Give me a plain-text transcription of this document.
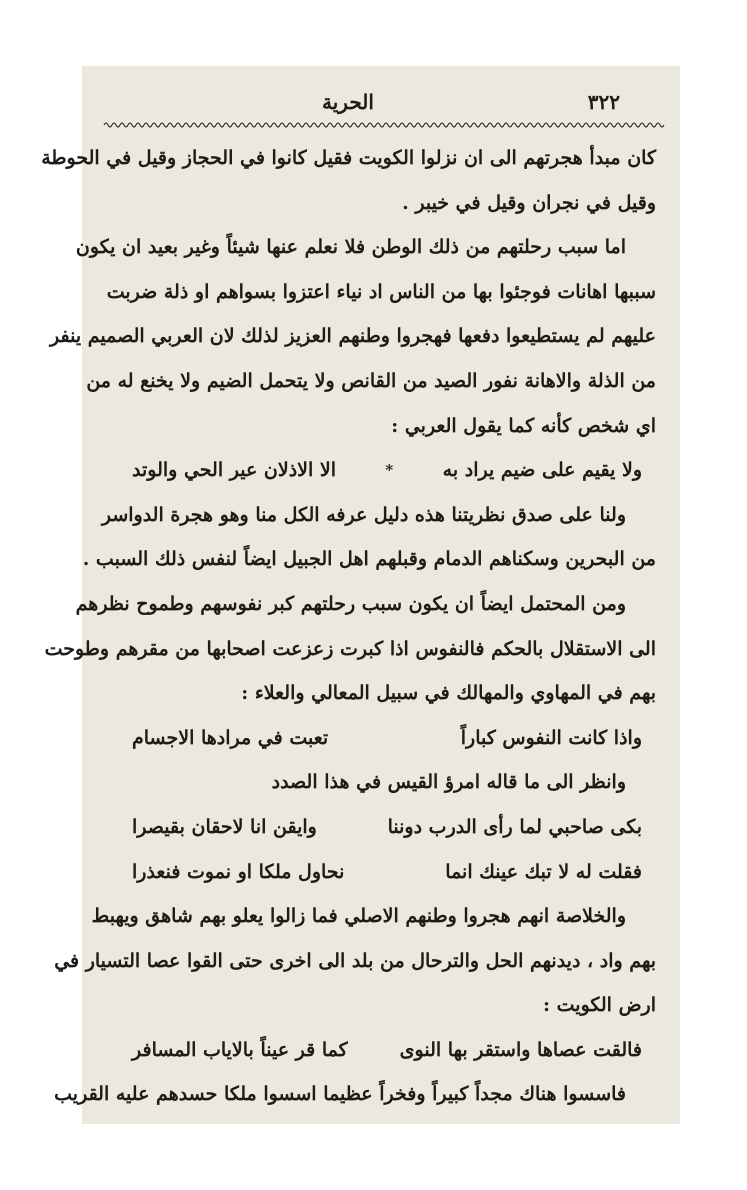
الحرية	٣٢٢
كان مبدأ هجرتهم الى ان نزلوا الكويت فقيل كانوا في الحجاز وقيل في الحوطة
وقيل في نجران وقيل في خيبر .
اما سبب رحلتهم من ذلك الوطن فلا نعلم عنها شيئاً وغير بعيد ان يكون
سببها اهانات فوجئوا بها من الناس اد نياء اعتزوا بسواهم او ذلة ضربت
عليهم لم يستطيعوا دفعها فهجروا وطنهم العزيز لذلك لان العربي الصميم ينفر
من الذلة والاهانة نفور الصيد من القانص ولا يتحمل الضيم ولا يخنع له من
اي شخص كأنه كما يقول العربي :
ولا يقيم على ضيم يراد به
*
الا الاذلان عير الحي والوتد
ولنا على صدق نظريتنا هذه دليل عرفه الكل منا وهو هجرة الدواسر
من البحرين وسكناهم الدمام وقبلهم اهل الجبيل ايضاً لنفس ذلك السبب .
ومن المحتمل ايضاً ان يكون سبب رحلتهم كبر نفوسهم وطموح نظرهم
الى الاستقلال بالحكم فالنفوس اذا كبرت زعزعت اصحابها من مقرهم وطوحت
بهم في المهاوي والمهالك في سبيل المعالي والعلاء :
واذا كانت النفوس كباراً
تعبت في مرادها الاجسام
وانظر الى ما قاله امرؤ القيس في هذا الصدد
بكى صاحبي لما رأى الدرب دوننا
وايقن انا لاحقان بقيصرا
فقلت له لا تبك عينك انما
نحاول ملكا او نموت فنعذرا
والخلاصة انهم هجروا وطنهم الاصلي فما زالوا يعلو بهم شاهق ويهبط
بهم واد ، ديدنهم الحل والترحال من بلد الى اخرى حتى القوا عصا التسيار في
ارض الكويت :
فالقت عصاها واستقر بها النوى
كما قر عيناً بالاياب المسافر
فاسسوا هناك مجداً كبيراً وفخراً عظيما اسسوا ملكا حسدهم عليه القريب
